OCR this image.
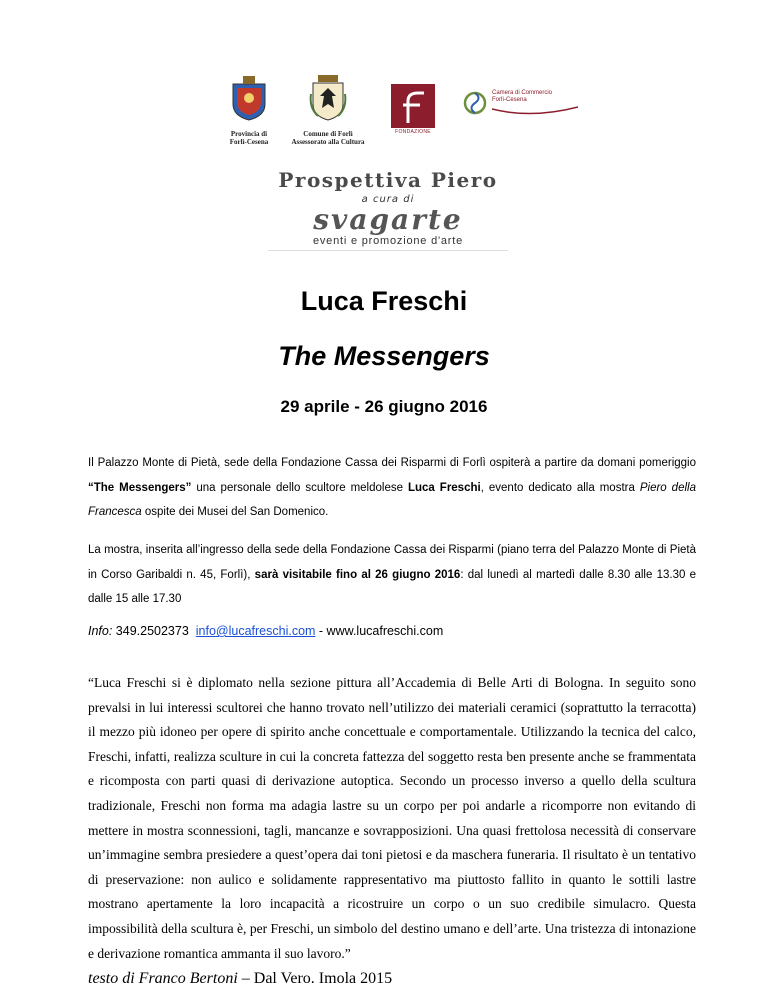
Provincia di
Forlì-Cesena
Comune di Forlì
Assessorato alla Cultura
FONDAZIONE
Camera di Commercio
Forlì-Cesena
Prospettiva Piero
a cura di
svagarte
eventi e promozione d'arte
Luca Freschi
The Messengers
29 aprile - 26 giugno 2016
Il Palazzo Monte di Pietà, sede della Fondazione Cassa dei Risparmi di Forlì ospiterà a partire da domani pomeriggio “The Messengers” una personale dello scultore meldolese Luca Freschi, evento dedicato alla mostra Piero della Francesca ospite dei Musei del San Domenico.
La mostra, inserita all’ingresso della sede della Fondazione Cassa dei Risparmi (piano terra del Palazzo Monte di Pietà in Corso Garibaldi n. 45, Forlì), sarà visitabile fino al 26 giugno 2016: dal lunedì al martedì dalle 8.30 alle 13.30 e dalle 15 alle 17.30
Info: 349.2502373  info@lucafreschi.com - www.lucafreschi.com
“Luca Freschi si è diplomato nella sezione pittura all’Accademia di Belle Arti di Bologna. In seguito sono prevalsi in lui interessi scultorei che hanno trovato nell’utilizzo dei materiali ceramici (soprattutto la terracotta) il mezzo più idoneo per opere di spirito anche concettuale e comportamentale. Utilizzando la tecnica del calco, Freschi, infatti, realizza sculture in cui la concreta fattezza del soggetto resta ben presente anche se frammentata e ricomposta con parti quasi di derivazione autoptica. Secondo un processo inverso a quello della scultura tradizionale, Freschi non forma ma adagia lastre su un corpo per poi andarle a ricomporre non evitando di mettere in mostra sconnessioni, tagli, mancanze e sovrapposizioni. Una quasi frettolosa necessità di conservare un’immagine sembra presiedere a quest’opera dai toni pietosi e da maschera funeraria. Il risultato è un tentativo di preservazione: non aulico e solidamente rappresentativo ma piuttosto fallito in quanto le sottili lastre mostrano apertamente la loro incapacità a ricostruire un corpo o un suo credibile simulacro. Questa impossibilità della scultura è, per Freschi, un simbolo del destino umano e dell’arte. Una tristezza di intonazione e derivazione romantica ammanta il suo lavoro.”
testo di Franco Bertoni – Dal Vero. Imola 2015
